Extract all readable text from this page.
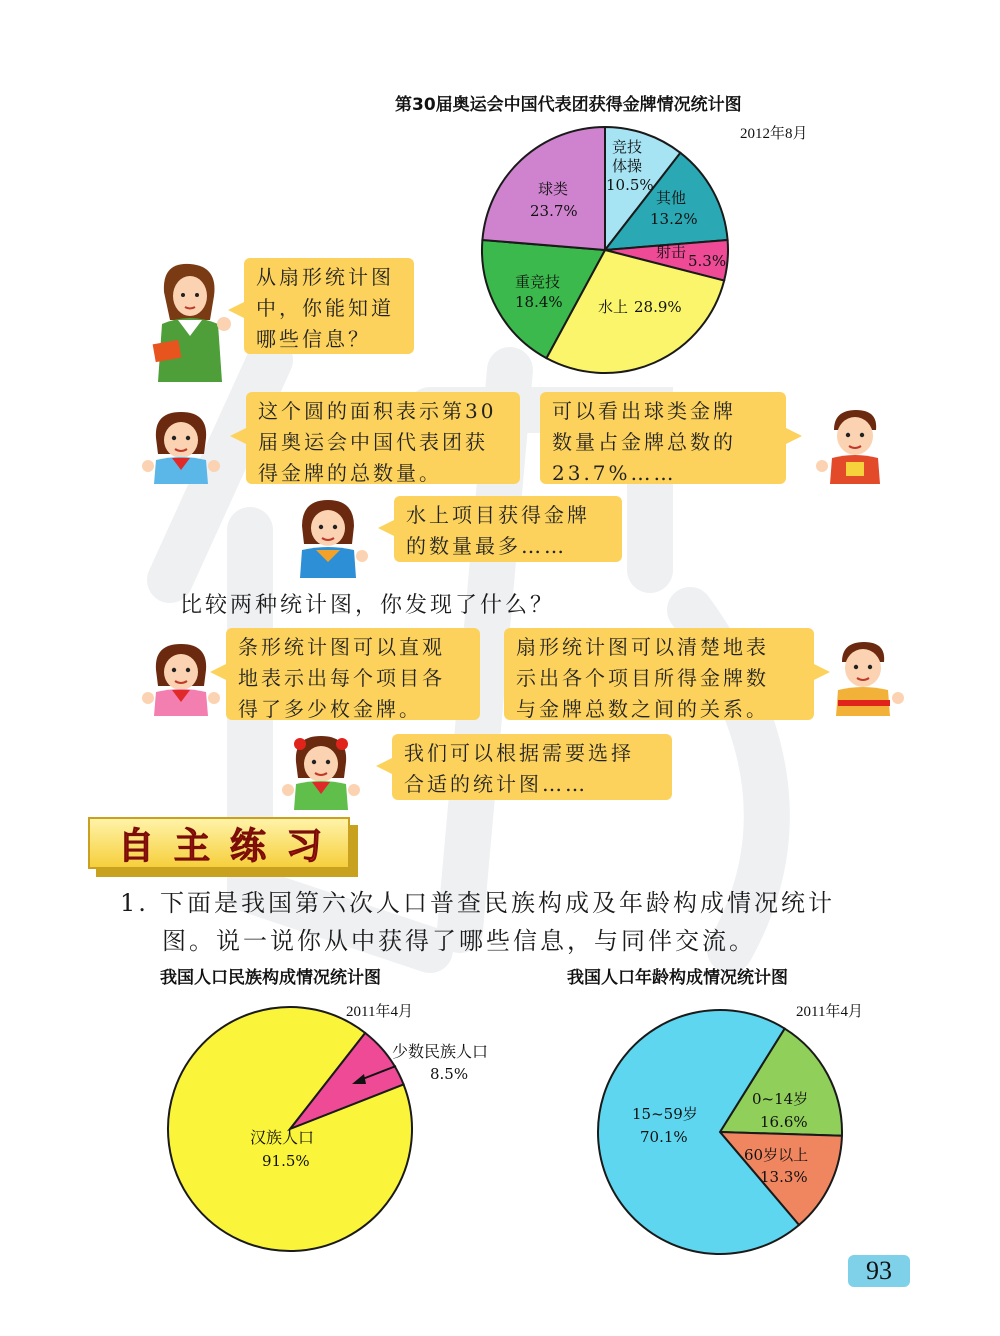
第30届奥运会中国代表团获得金牌情况统计图
2012年8月
竞技
体操
10.5%
其他
13.2%
射击 5.3%
水上 28.9%
重竞技
18.4%
球类
23.7%
我国人口民族构成情况统计图
2011年4月
少数民族人口
8.5%
汉族人口
91.5%
我国人口年龄构成情况统计图
2011年4月
0~14岁
16.6%
60岁以上
13.3%
15~59岁
70.1%
从扇形统计图
中，你能知道
哪些信息？
这个圆的面积表示第30
届奥运会中国代表团获
得金牌的总数量。
可以看出球类金牌
数量占金牌总数的
23.7%……
水上项目获得金牌
的数量最多……
比较两种统计图，你发现了什么？
条形统计图可以直观
地表示出每个项目各
得了多少枚金牌。
扇形统计图可以清楚地表
示出各个项目所得金牌数
与金牌总数之间的关系。
我们可以根据需要选择
合适的统计图……
自主练习
1. 下面是我国第六次人口普查民族构成及年龄构成情况统计
图。说一说你从中获得了哪些信息，与同伴交流。
93
